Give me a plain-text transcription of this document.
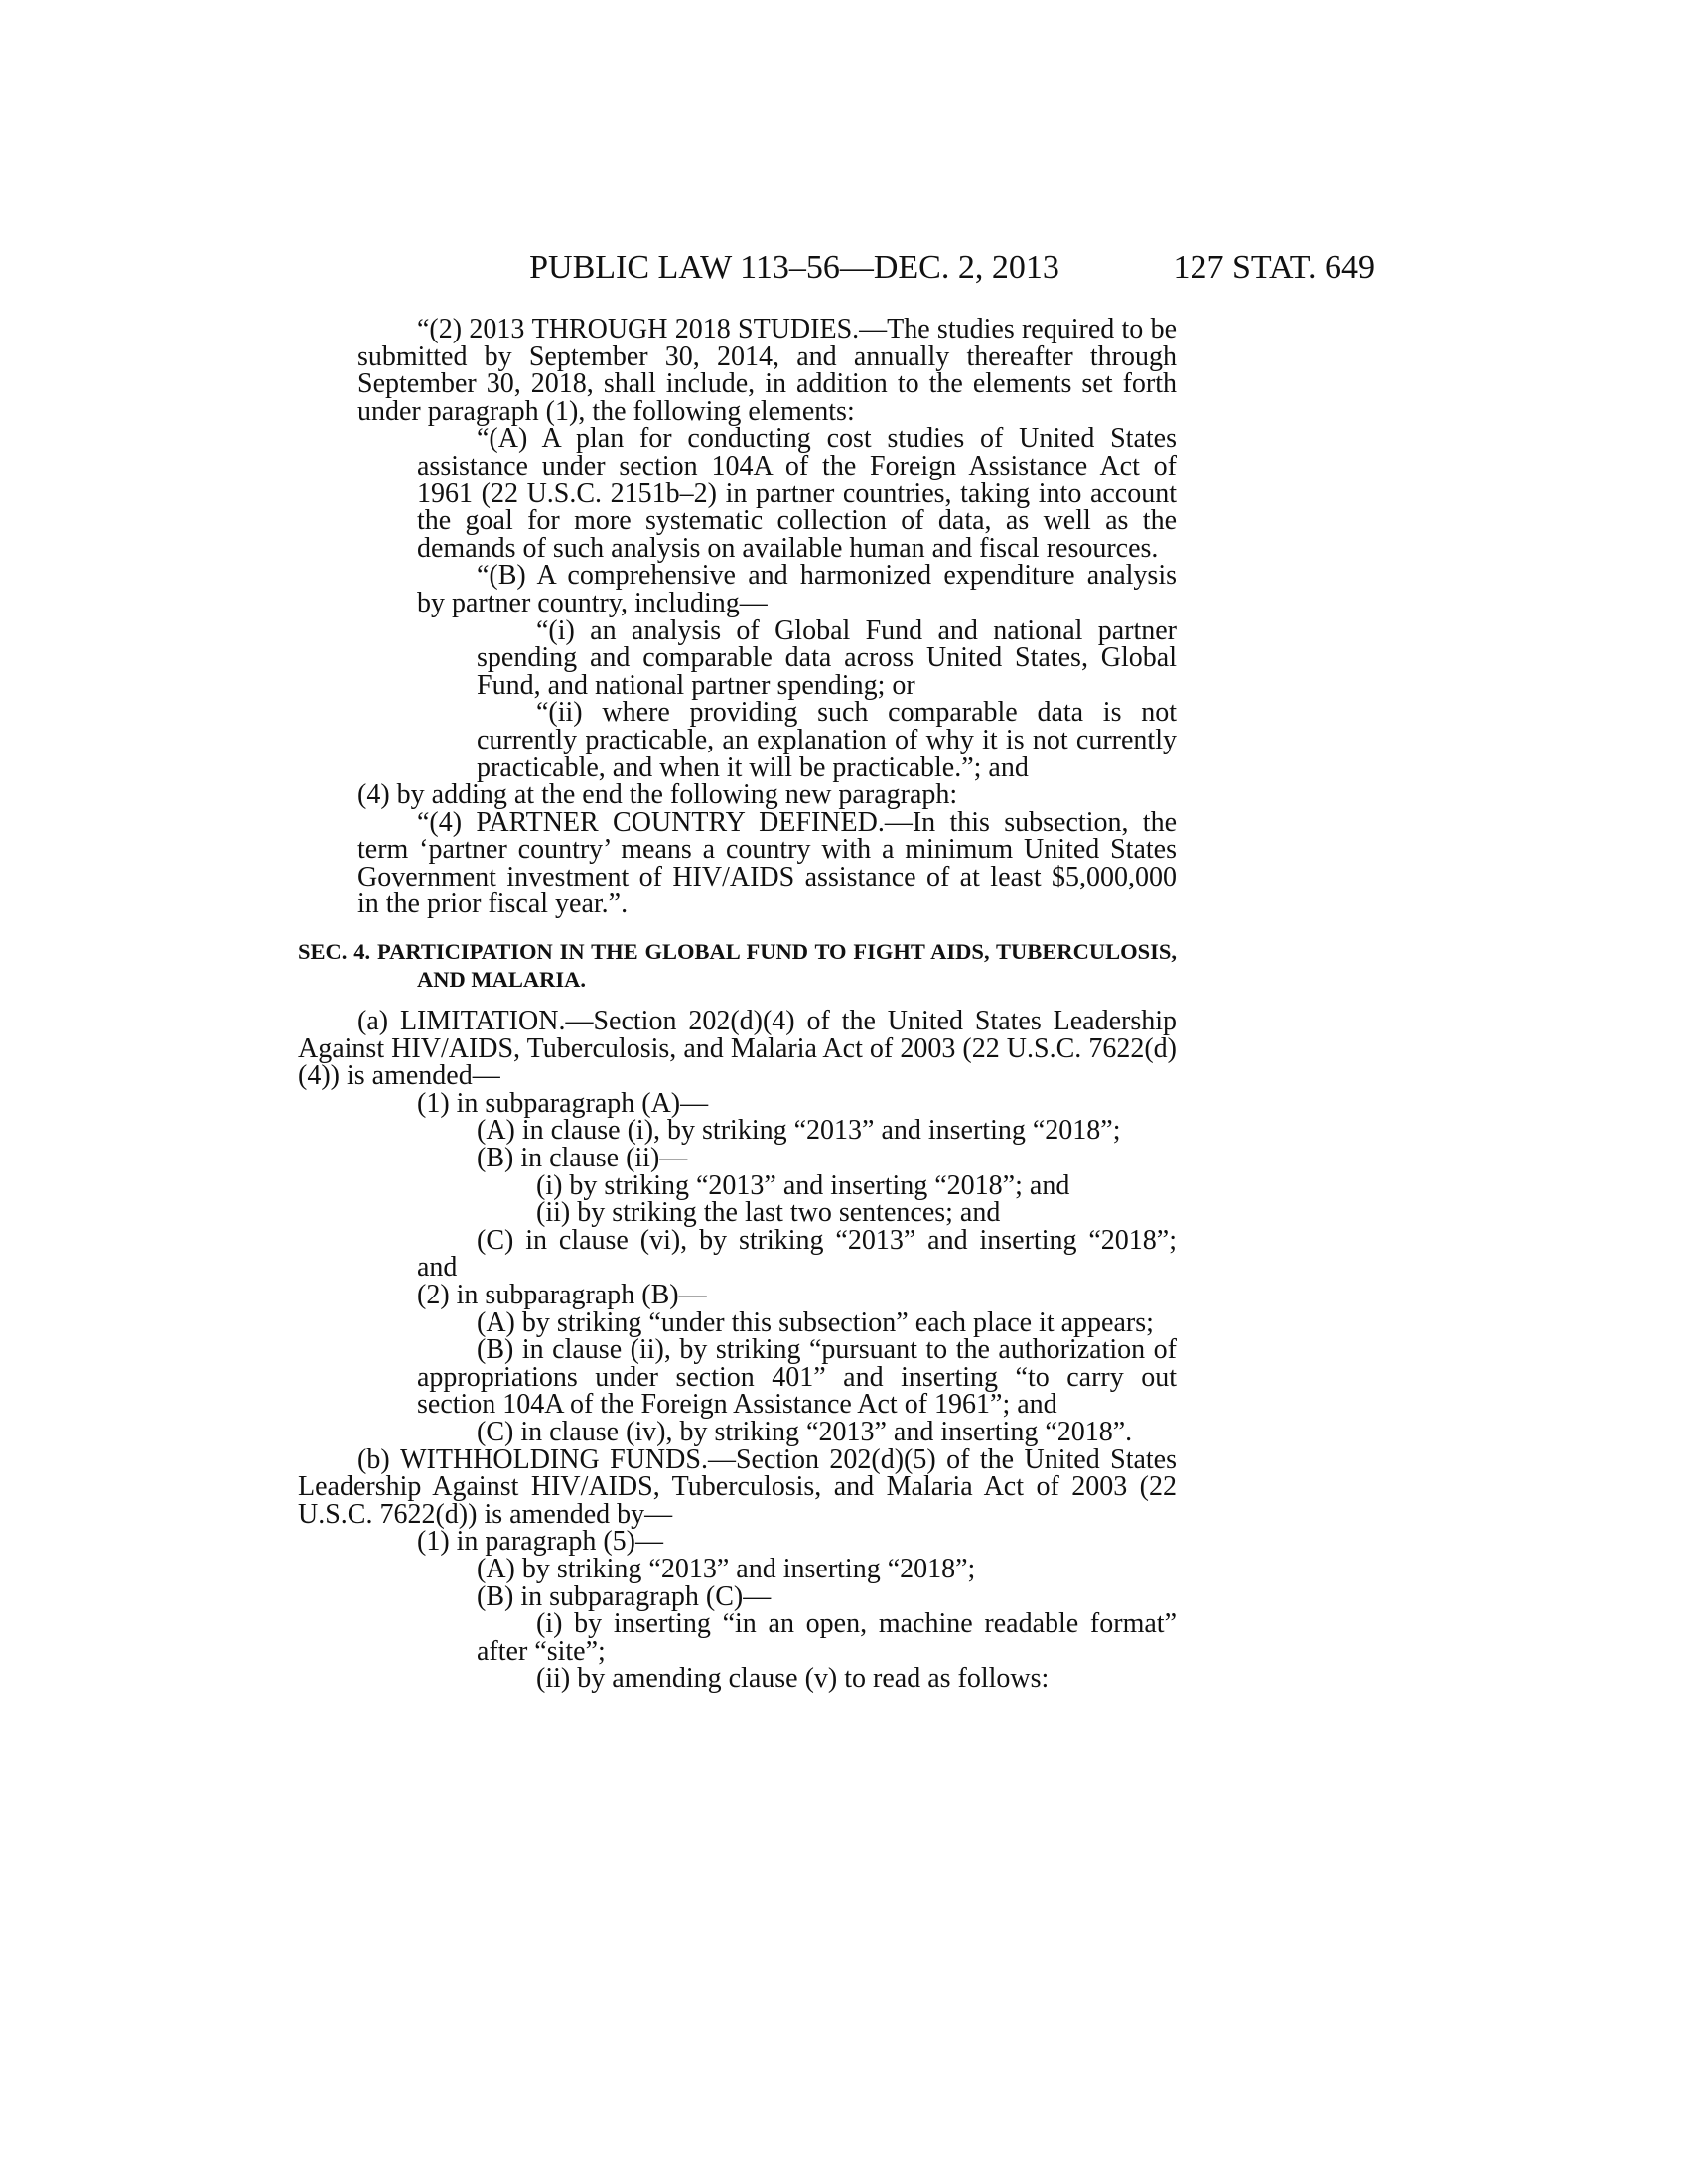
PUBLIC LAW 113–56—DEC. 2, 2013	127 STAT. 649

“(2) 2013 THROUGH 2018 STUDIES.—The studies required to be submitted by September 30, 2014, and annually thereafter through September 30, 2018, shall include, in addition to the elements set forth under paragraph (1), the following elements:

“(A) A plan for conducting cost studies of United States assistance under section 104A of the Foreign Assistance Act of 1961 (22 U.S.C. 2151b–2) in partner countries, taking into account the goal for more systematic collection of data, as well as the demands of such analysis on available human and fiscal resources.

“(B) A comprehensive and harmonized expenditure analysis by partner country, including—

“(i) an analysis of Global Fund and national partner spending and comparable data across United States, Global Fund, and national partner spending; or

“(ii) where providing such comparable data is not currently practicable, an explanation of why it is not currently practicable, and when it will be practicable.”; and

(4) by adding at the end the following new paragraph:

“(4) PARTNER COUNTRY DEFINED.—In this subsection, the term ‘partner country’ means a country with a minimum United States Government investment of HIV/AIDS assistance of at least $5,000,000 in the prior fiscal year.”.

SEC. 4. PARTICIPATION IN THE GLOBAL FUND TO FIGHT AIDS, TUBERCULOSIS, AND MALARIA.

(a) LIMITATION.—Section 202(d)(4) of the United States Leadership Against HIV/AIDS, Tuberculosis, and Malaria Act of 2003 (22 U.S.C. 7622(d)(4)) is amended—

(1) in subparagraph (A)—

(A) in clause (i), by striking “2013” and inserting “2018”;

(B) in clause (ii)—

(i) by striking “2013” and inserting “2018”; and

(ii) by striking the last two sentences; and

(C) in clause (vi), by striking “2013” and inserting “2018”; and

(2) in subparagraph (B)—

(A) by striking “under this subsection” each place it appears;

(B) in clause (ii), by striking “pursuant to the authorization of appropriations under section 401” and inserting “to carry out section 104A of the Foreign Assistance Act of 1961”; and

(C) in clause (iv), by striking “2013” and inserting “2018”.

(b) WITHHOLDING FUNDS.—Section 202(d)(5) of the United States Leadership Against HIV/AIDS, Tuberculosis, and Malaria Act of 2003 (22 U.S.C. 7622(d)) is amended by—

(1) in paragraph (5)—

(A) by striking “2013” and inserting “2018”;

(B) in subparagraph (C)—

(i) by inserting “in an open, machine readable format” after “site”;

(ii) by amending clause (v) to read as follows:
